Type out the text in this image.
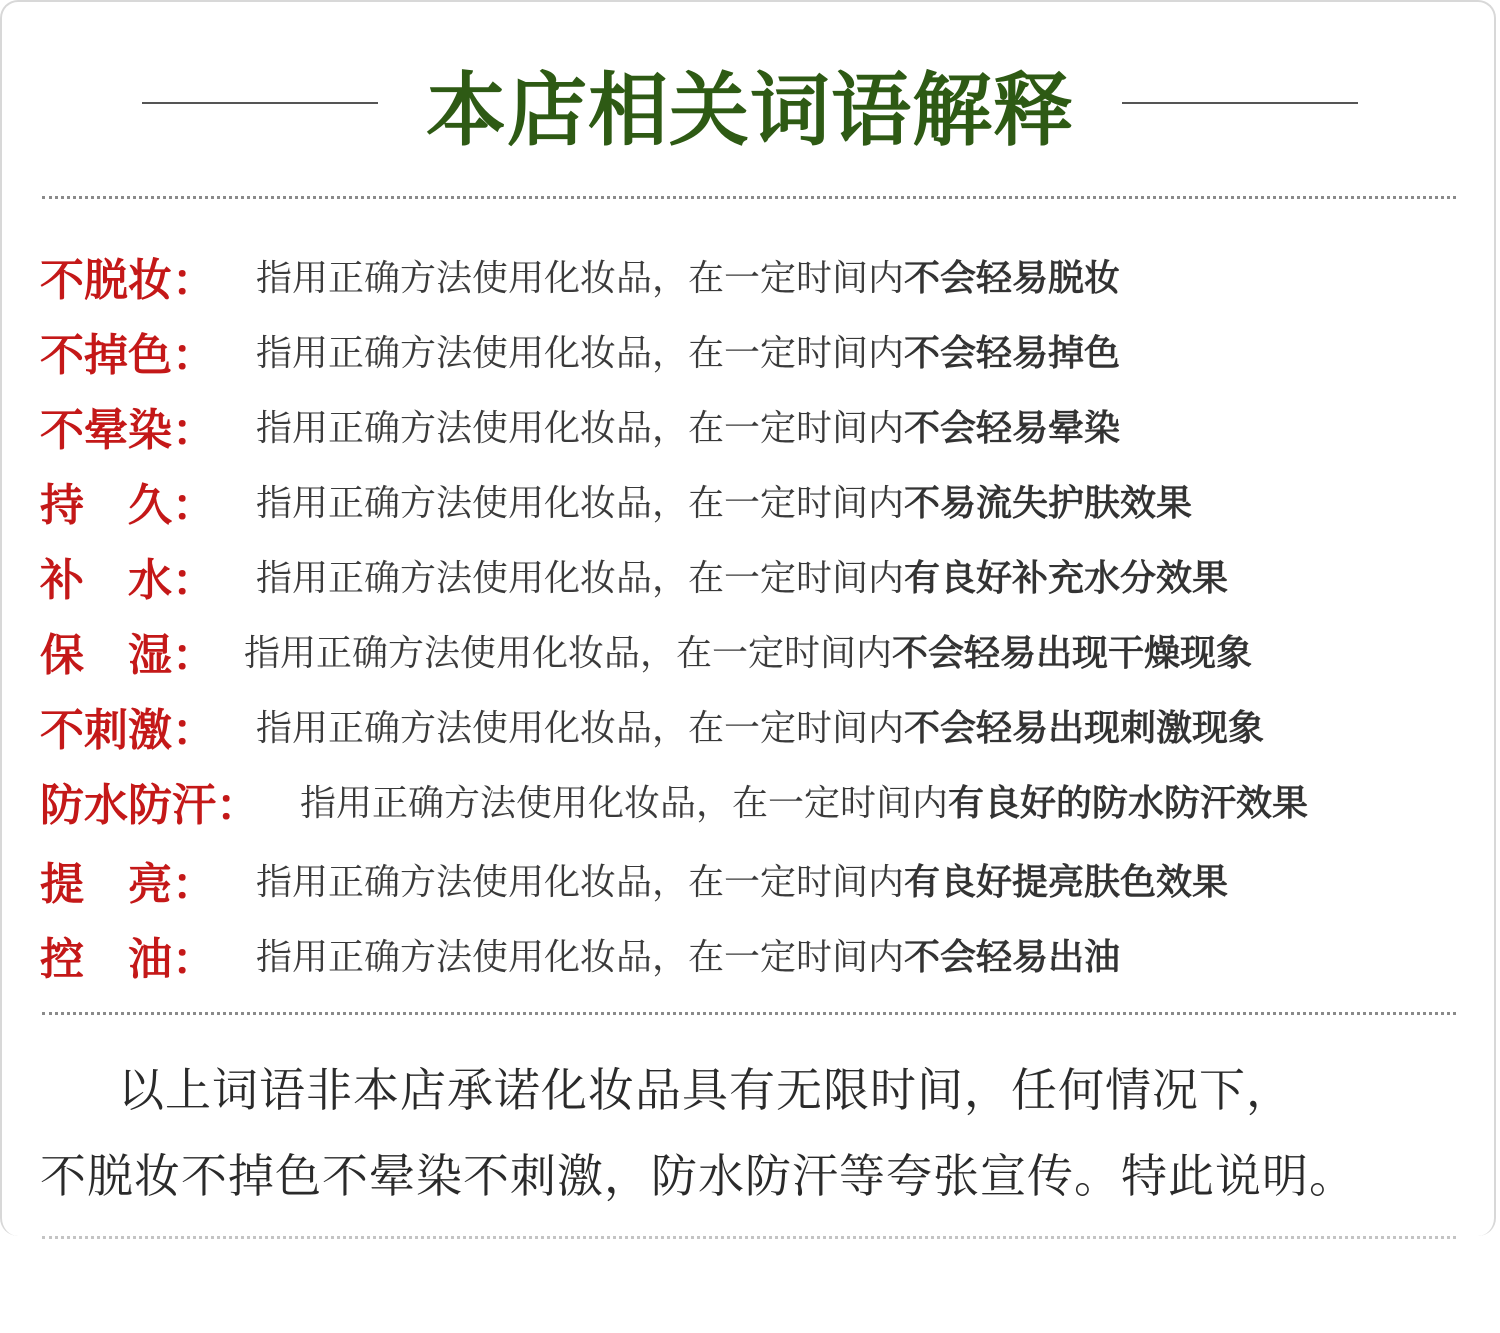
本店相关词语解释
不脱妆： 指用正确方法使用化妆品，在一定时间内不会轻易脱妆
不掉色： 指用正确方法使用化妆品，在一定时间内不会轻易掉色
不晕染： 指用正确方法使用化妆品，在一定时间内不会轻易晕染
持　久： 指用正确方法使用化妆品，在一定时间内不易流失护肤效果
补　水： 指用正确方法使用化妆品，在一定时间内有良好补充水分效果
保　湿： 指用正确方法使用化妆品，在一定时间内不会轻易出现干燥现象
不刺激： 指用正确方法使用化妆品，在一定时间内不会轻易出现刺激现象
防水防汗： 指用正确方法使用化妆品，在一定时间内有良好的防水防汗效果
提　亮： 指用正确方法使用化妆品，在一定时间内有良好提亮肤色效果
控　油： 指用正确方法使用化妆品，在一定时间内不会轻易出油
以上词语非本店承诺化妆品具有无限时间，任何情况下，
不脱妆不掉色不晕染不刺激，防水防汗等夸张宣传。特此说明。
